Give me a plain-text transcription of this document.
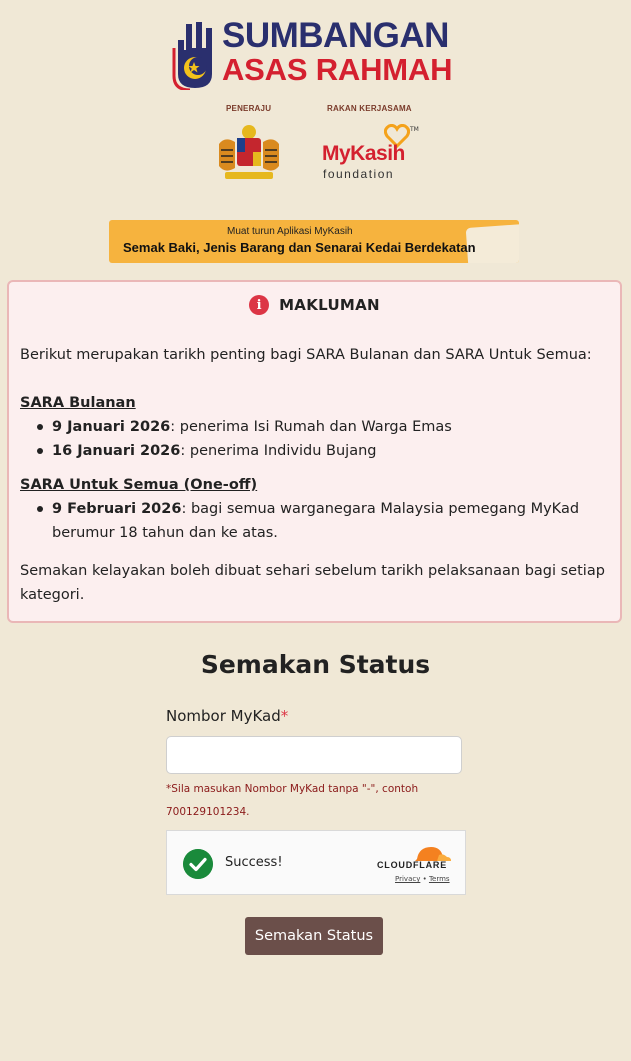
SUMBANGAN
ASAS RAHMAH
PENERAJU	RAKAN KERJASAMA
TM
MyKasih
foundation
Muat turun Aplikasi MyKasih
Semak Baki, Jenis Barang dan Senarai Kedai Berdekatan
i	MAKLUMAN

Berikut merupakan tarikh penting bagi SARA Bulanan dan SARA Untuk Semua:

SARA Bulanan

9 Januari 2026: penerima Isi Rumah dan Warga Emas
16 Januari 2026: penerima Individu Bujang

SARA Untuk Semua (One-off)

9 Februari 2026: bagi semua warganegara Malaysia pemegang MyKad berumur 18 tahun dan ke atas.

Semakan kelayakan boleh dibuat sehari sebelum tarikh pelaksanaan bagi setiap kategori.

Semakan Status
Nombor MyKad*
*Sila masukan Nombor MyKad tanpa "-", contoh 700129101234.
Success!	CLOUDFLARE
Privacy • Terms
Semakan Status
